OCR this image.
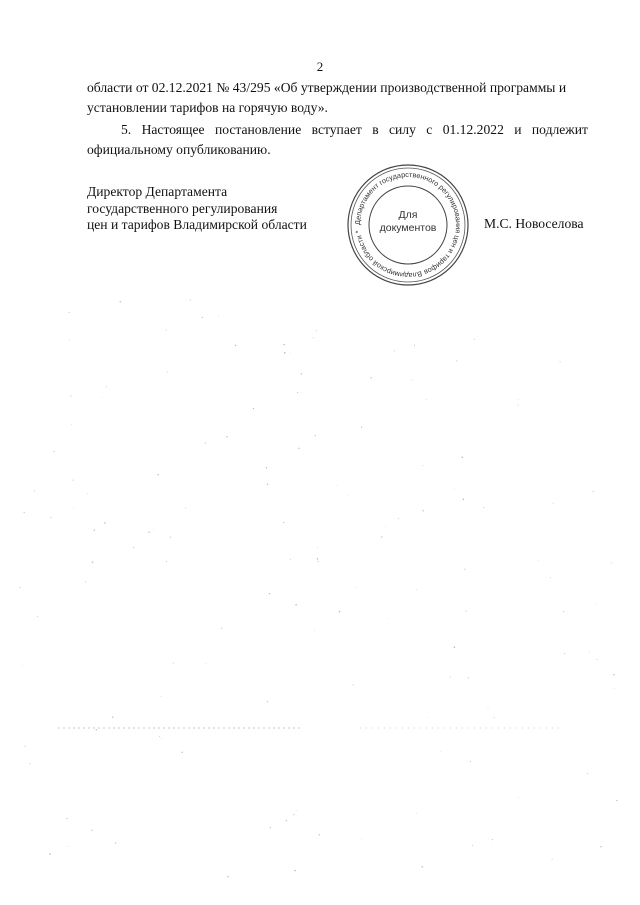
2
области от 02.12.2021 № 43/295 «Об утверждении производственной программы и
установлении тарифов на горячую воду».
5. Настоящее постановление вступает в силу с 01.12.2022 и подлежит
официальному опубликованию.
Директор Департамента
государственного регулирования
цен и тарифов Владимирской области	Департамент государственного регулирования цен и тарифов Владимирской области *
Для
документов	М.С. Новоселова
